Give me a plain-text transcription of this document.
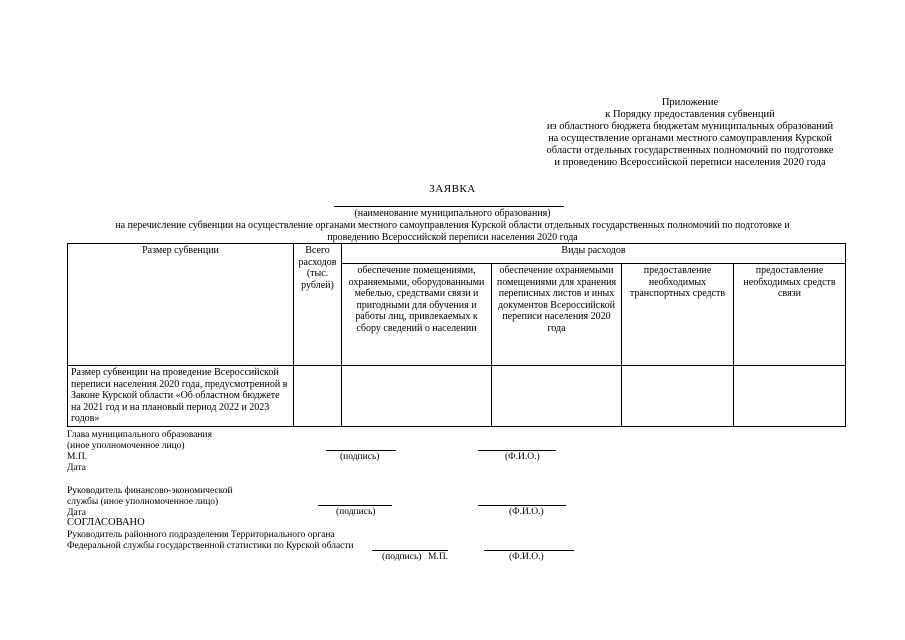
Приложение
к Порядку предоставления субвенций
из областного бюджета бюджетам муниципальных образований
на осуществление органами местного самоуправления Курской
области отдельных государственных полномочий по подготовке
и проведению Всероссийской переписи населения 2020 года
ЗАЯВКА
(наименование муниципального образования)
на перечисление субвенции на осуществление органами местного самоуправления Курской области отдельных государственных полномочий по подготовке и
проведению Всероссийской переписи населения 2020 года
Размер субвенции	Всего расходов (тыс. рублей)	Виды расходов			
		обеспечение помещениями, охраняемыми, оборудованными мебелью, средствами связи и пригодными для обучения и работы лиц, привлекаемых к сбору сведений о населении	обеспечение охраняемыми помещениями для хранения переписных листов и иных документов Всероссийской переписи населения 2020 года	предоставление необходимых транспортных средств	предоставление необходимых средств связи
Размер субвенции на проведение Всероссийской переписи населения 2020 года, предусмотренной в Законе Курской области «Об областном бюджете на 2021 год и на плановый период 2022 и 2023 годов»					
Глава муниципального образования
(иное уполномоченное лицо)
М.П.
Дата
(подпись)	(Ф.И.О.)
Руководитель финансово-экономической
службы (иное уполномоченное лицо)
Дата	(подпись)	(Ф.И.О.)
СОГЛАСОВАНО
Руководитель районного подразделения Территориального органа
Федеральной службы государственной статистики по Курской области
(подпись) М.П.	(Ф.И.О.)
